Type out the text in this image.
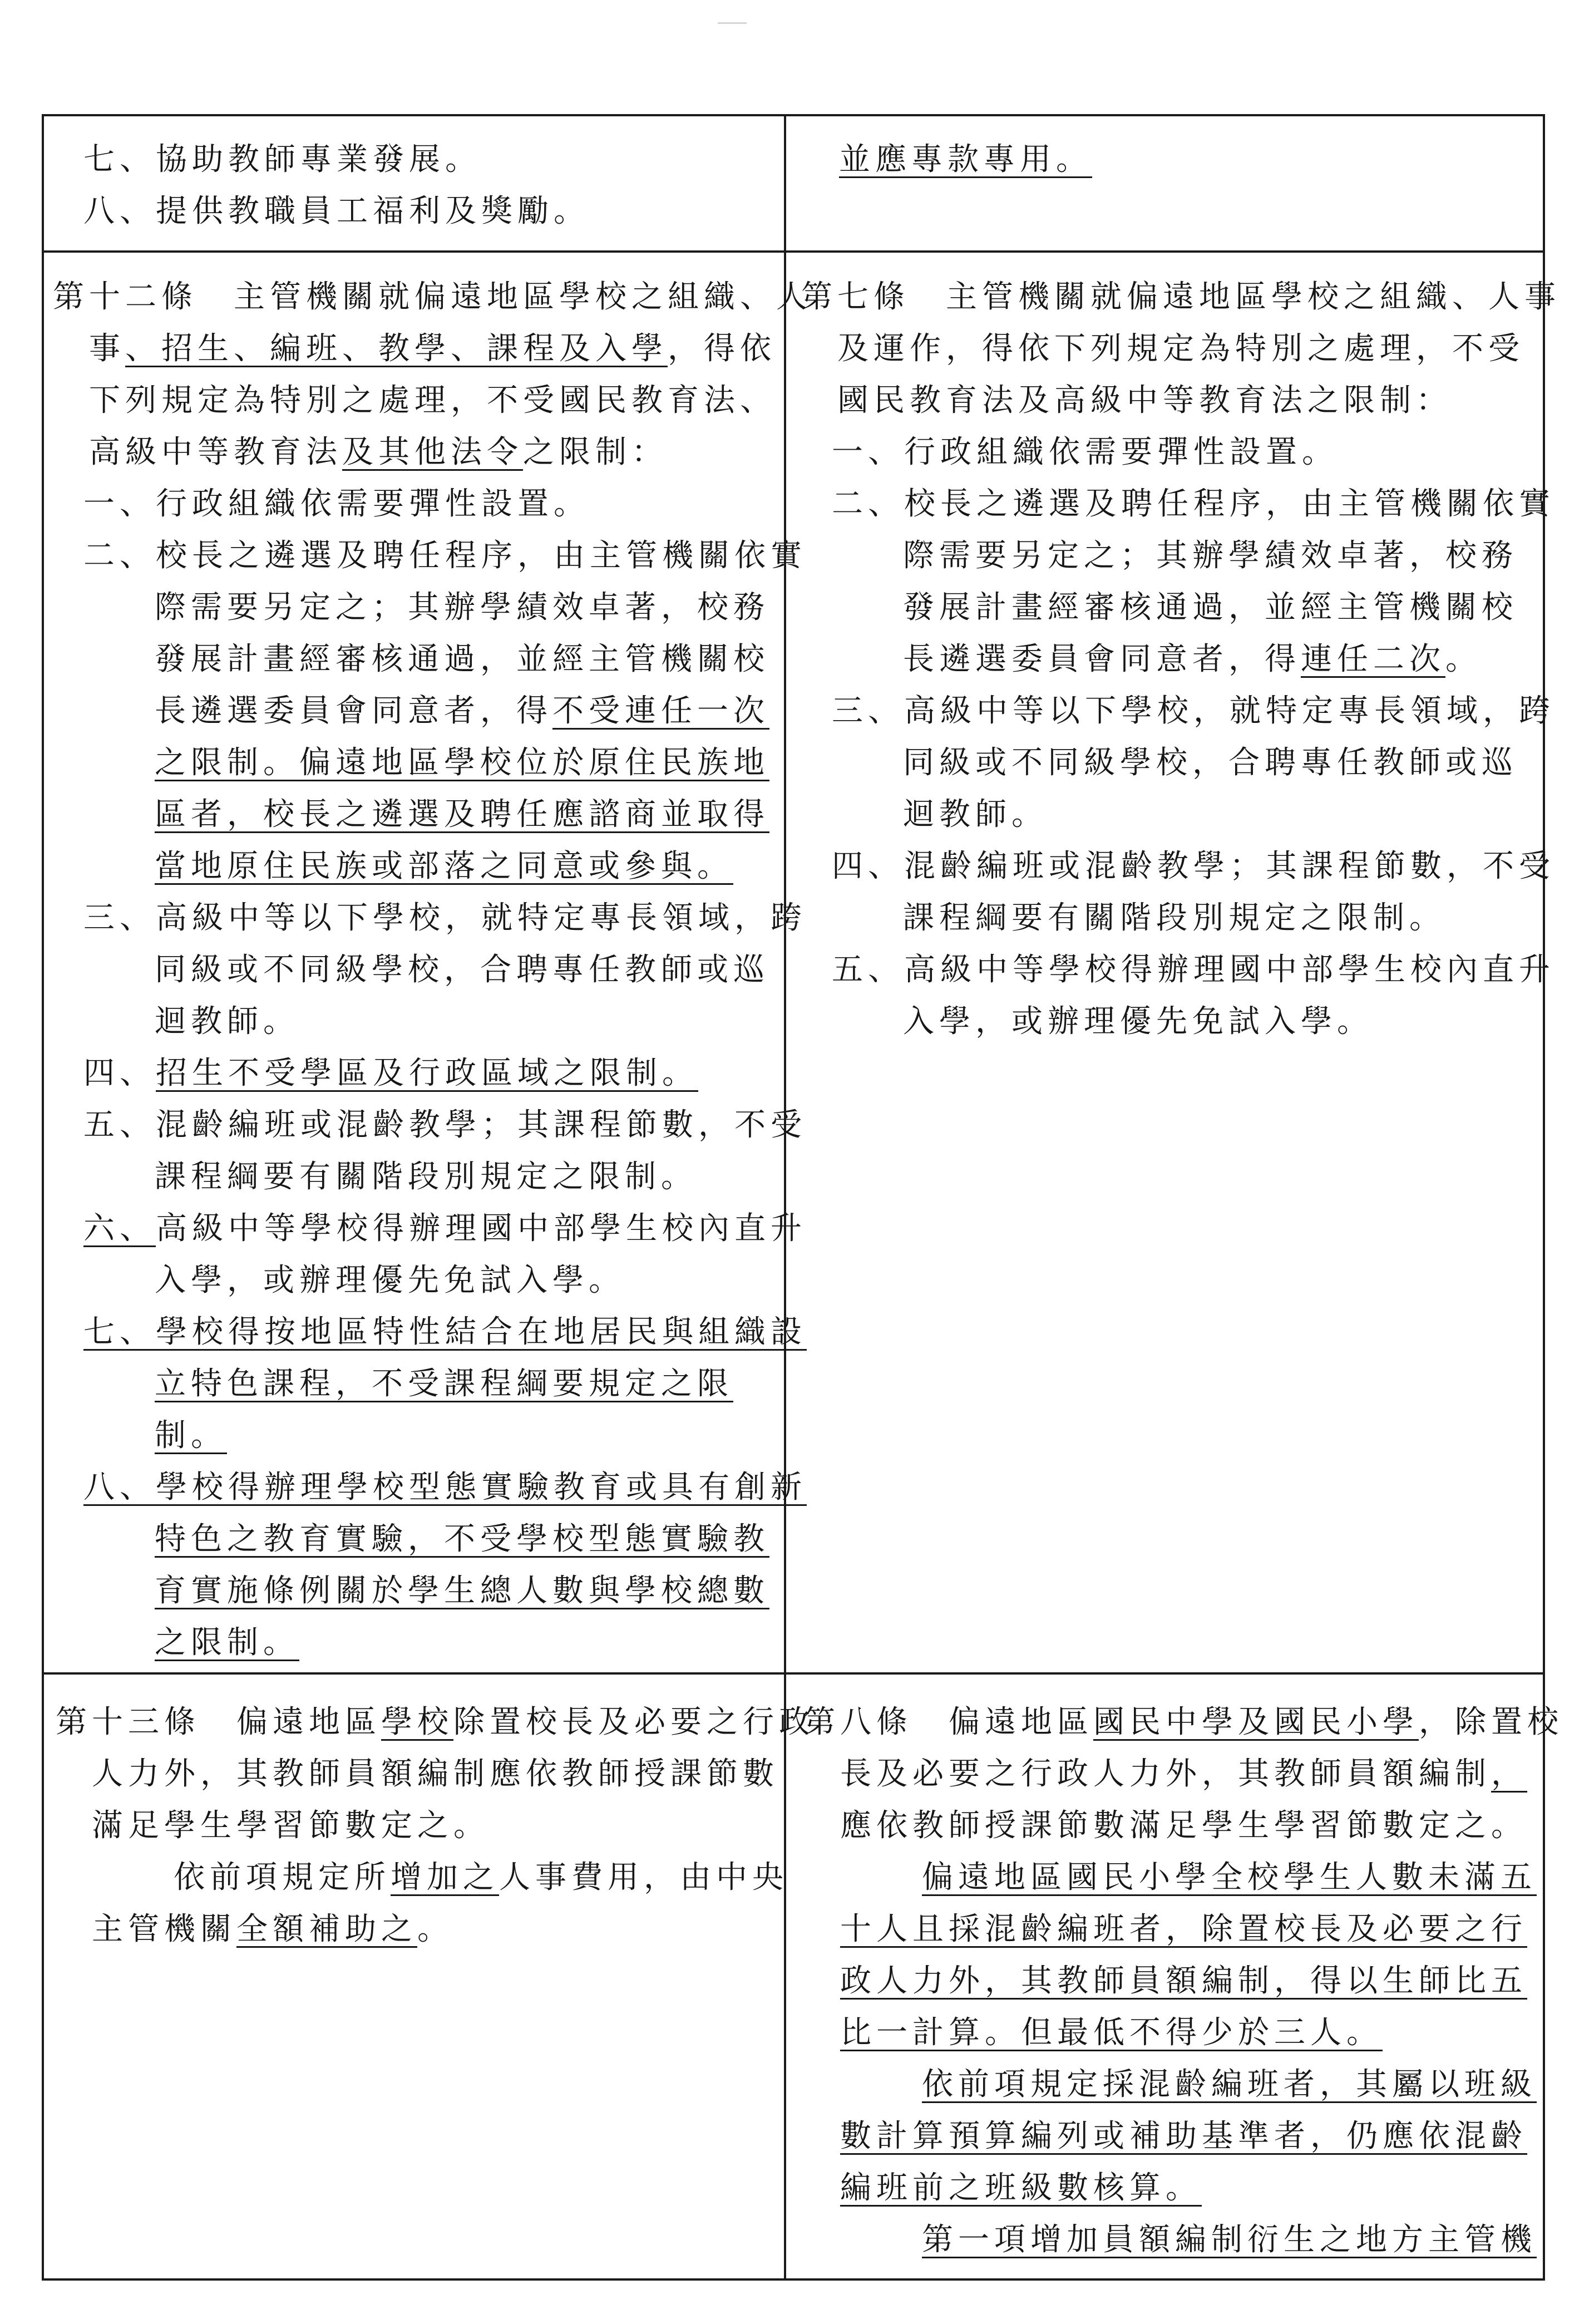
七、協助教師專業發展。
八、提供教職員工福利及獎勵。
並應專款專用。
第十二條　主管機關就偏遠地區學校之組織、人
事、招生、編班、教學、課程及入學，得依
下列規定為特別之處理，不受國民教育法、
高級中等教育法及其他法令之限制：
一、行政組織依需要彈性設置。
二、校長之遴選及聘任程序，由主管機關依實
際需要另定之；其辦學績效卓著，校務
發展計畫經審核通過，並經主管機關校
長遴選委員會同意者，得不受連任一次
之限制。偏遠地區學校位於原住民族地
區者，校長之遴選及聘任應諮商並取得
當地原住民族或部落之同意或參與。
三、高級中等以下學校，就特定專長領域，跨
同級或不同級學校，合聘專任教師或巡
迴教師。
四、招生不受學區及行政區域之限制。
五、混齡編班或混齡教學；其課程節數，不受
課程綱要有關階段別規定之限制。
六、高級中等學校得辦理國中部學生校內直升
入學，或辦理優先免試入學。
七、學校得按地區特性結合在地居民與組織設
立特色課程，不受課程綱要規定之限
制。
八、學校得辦理學校型態實驗教育或具有創新
特色之教育實驗，不受學校型態實驗教
育實施條例關於學生總人數與學校總數
之限制。
第七條　主管機關就偏遠地區學校之組織、人事
及運作，得依下列規定為特別之處理，不受
國民教育法及高級中等教育法之限制：
一、行政組織依需要彈性設置。
二、校長之遴選及聘任程序，由主管機關依實
際需要另定之；其辦學績效卓著，校務
發展計畫經審核通過，並經主管機關校
長遴選委員會同意者，得連任二次。
三、高級中等以下學校，就特定專長領域，跨
同級或不同級學校，合聘專任教師或巡
迴教師。
四、混齡編班或混齡教學；其課程節數，不受
課程綱要有關階段別規定之限制。
五、高級中等學校得辦理國中部學生校內直升
入學，或辦理優先免試入學。
第十三條　偏遠地區學校除置校長及必要之行政
人力外，其教師員額編制應依教師授課節數
滿足學生學習節數定之。
依前項規定所增加之人事費用，由中央
主管機關全額補助之。
第八條　偏遠地區國民中學及國民小學，除置校
長及必要之行政人力外，其教師員額編制，
應依教師授課節數滿足學生學習節數定之。
偏遠地區國民小學全校學生人數未滿五
十人且採混齡編班者，除置校長及必要之行
政人力外，其教師員額編制，得以生師比五
比一計算。但最低不得少於三人。
依前項規定採混齡編班者，其屬以班級
數計算預算編列或補助基準者，仍應依混齡
編班前之班級數核算。
第一項增加員額編制衍生之地方主管機
